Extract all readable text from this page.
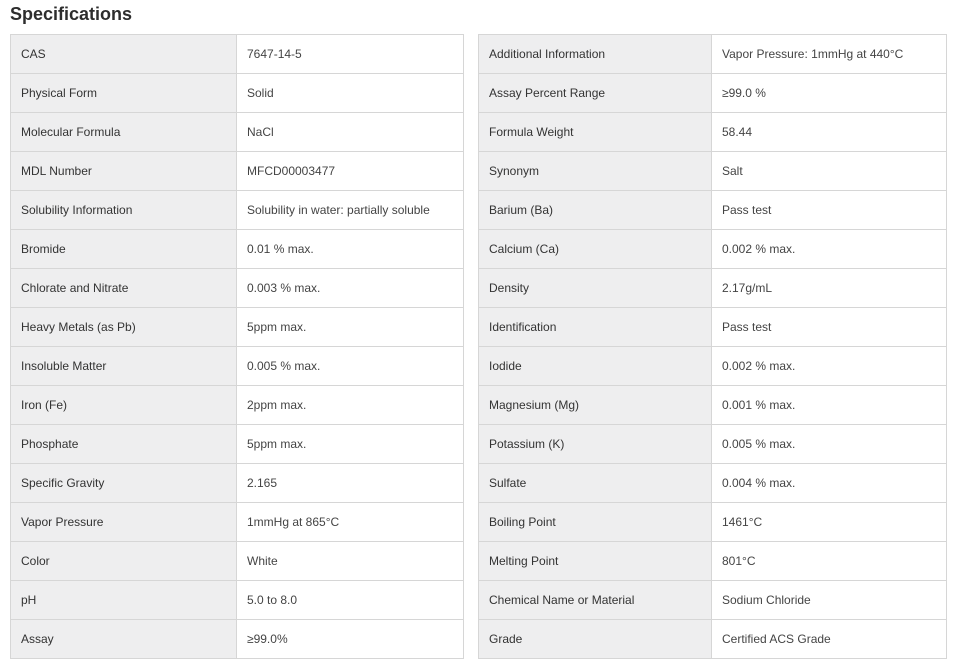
Specifications
CAS	7647-14-5
Physical Form	Solid
Molecular Formula	NaCl
MDL Number	MFCD00003477
Solubility Information	Solubility in water: partially soluble
Bromide	0.01 % max.
Chlorate and Nitrate	0.003 % max.
Heavy Metals (as Pb)	5ppm max.
Insoluble Matter	0.005 % max.
Iron (Fe)	2ppm max.
Phosphate	5ppm max.
Specific Gravity	2.165
Vapor Pressure	1mmHg at 865°C
Color	White
pH	5.0 to 8.0
Assay	≥99.0%
Additional Information	Vapor Pressure: 1mmHg at 440°C
Assay Percent Range	≥99.0 %
Formula Weight	58.44
Synonym	Salt
Barium (Ba)	Pass test
Calcium (Ca)	0.002 % max.
Density	2.17g/mL
Identification	Pass test
Iodide	0.002 % max.
Magnesium (Mg)	0.001 % max.
Potassium (K)	0.005 % max.
Sulfate	0.004 % max.
Boiling Point	1461°C
Melting Point	801°C
Chemical Name or Material	Sodium Chloride
Grade	Certified ACS Grade
